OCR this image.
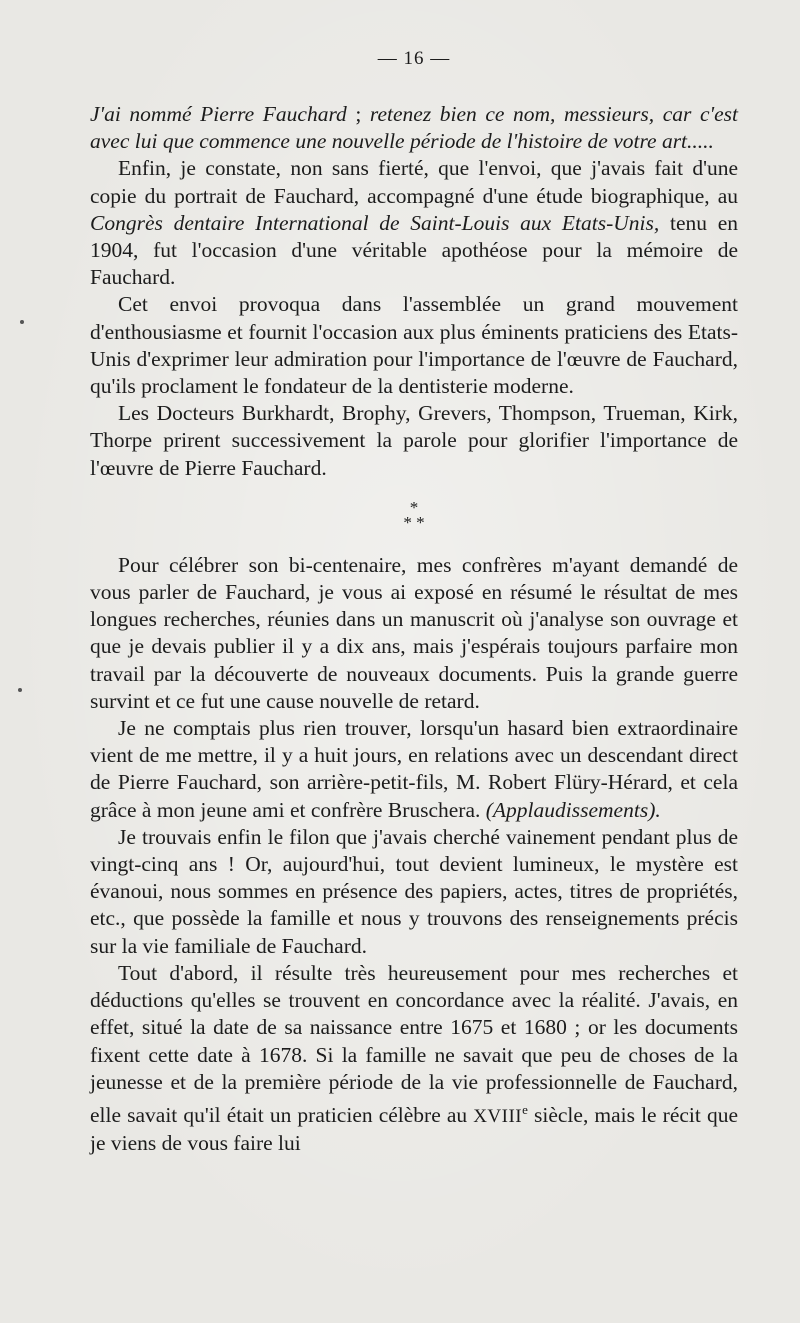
— 16 —

J'ai nommé Pierre Fauchard ; retenez bien ce nom, messieurs, car c'est avec lui que commence une nouvelle période de l'histoire de votre art.....

Enfin, je constate, non sans fierté, que l'envoi, que j'avais fait d'une copie du portrait de Fauchard, accompagné d'une étude biographique, au Congrès dentaire International de Saint-Louis aux Etats-Unis, tenu en 1904, fut l'occasion d'une véritable apothéose pour la mémoire de Fauchard.

Cet envoi provoqua dans l'assemblée un grand mouvement d'enthousiasme et fournit l'occasion aux plus éminents praticiens des Etats-Unis d'exprimer leur admiration pour l'importance de l'œuvre de Fauchard, qu'ils proclament le fondateur de la dentisterie moderne.

Les Docteurs Burkhardt, Brophy, Grevers, Thompson, Trueman, Kirk, Thorpe prirent successivement la parole pour glorifier l'importance de l'œuvre de Pierre Fauchard.

*
* *

Pour célébrer son bi-centenaire, mes confrères m'ayant demandé de vous parler de Fauchard, je vous ai exposé en résumé le résultat de mes longues recherches, réunies dans un manuscrit où j'analyse son ouvrage et que je devais publier il y a dix ans, mais j'espérais toujours parfaire mon travail par la découverte de nouveaux documents. Puis la grande guerre survint et ce fut une cause nouvelle de retard.

Je ne comptais plus rien trouver, lorsqu'un hasard bien extraordinaire vient de me mettre, il y a huit jours, en relations avec un descendant direct de Pierre Fauchard, son arrière-petit-fils, M. Robert Flüry-Hérard, et cela grâce à mon jeune ami et confrère Bruschera. (Applaudissements).

Je trouvais enfin le filon que j'avais cherché vainement pendant plus de vingt-cinq ans ! Or, aujourd'hui, tout devient lumineux, le mystère est évanoui, nous sommes en présence des papiers, actes, titres de propriétés, etc., que possède la famille et nous y trouvons des renseignements précis sur la vie familiale de Fauchard.

Tout d'abord, il résulte très heureusement pour mes recherches et déductions qu'elles se trouvent en concordance avec la réalité. J'avais, en effet, situé la date de sa naissance entre 1675 et 1680 ; or les documents fixent cette date à 1678. Si la famille ne savait que peu de choses de la jeunesse et de la première période de la vie professionnelle de Fauchard, elle savait qu'il était un praticien célèbre au XVIIIe siècle, mais le récit que je viens de vous faire lui
